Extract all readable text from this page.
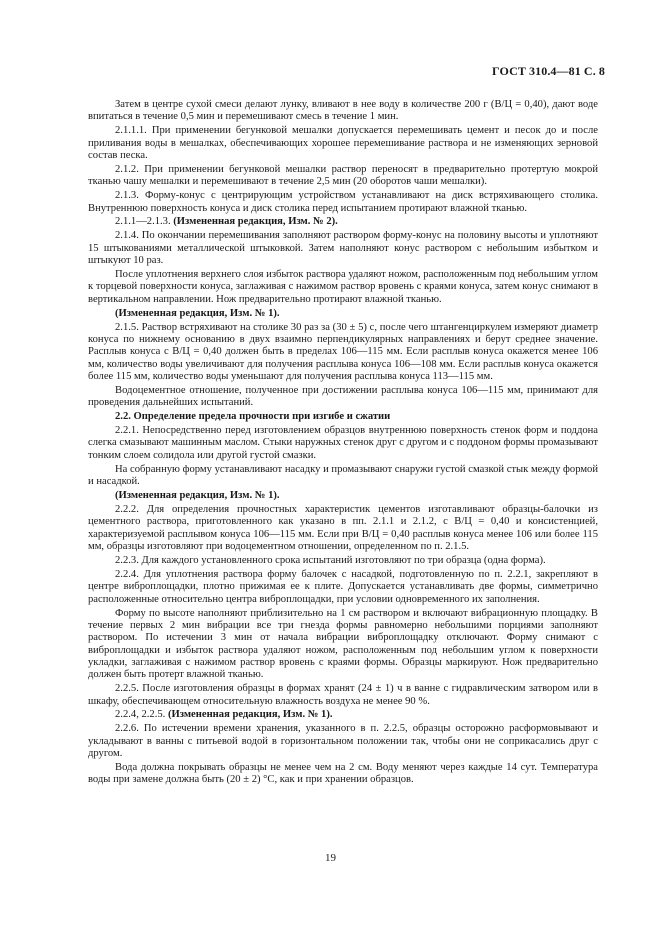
ГОСТ 310.4—81 С. 8

Затем в центре сухой смеси делают лунку, вливают в нее воду в количестве 200 г (В/Ц = 0,40), дают воде впитаться в течение 0,5 мин и перемешивают смесь в течение 1 мин.

2.1.1.1. При применении бегунковой мешалки допускается перемешивать цемент и песок до и после приливания воды в мешалках, обеспечивающих хорошее перемешивание раствора и не изменяющих зерновой состав песка.

2.1.2. При применении бегунковой мешалки раствор переносят в предварительно протертую мокрой тканью чашу мешалки и перемешивают в течение 2,5 мин (20 оборотов чаши мешалки).

2.1.3. Форму-конус с центрирующим устройством устанавливают на диск встряхивающего столика. Внутреннюю поверхность конуса и диск столика перед испытанием протирают влажной тканью.

2.1.1—2.1.3. (Измененная редакция, Изм. № 2).

2.1.4. По окончании перемешивания заполняют раствором форму-конус на половину высоты и уплотняют 15 штыкованиями металлической штыковкой. Затем наполняют конус раствором с небольшим избытком и штыкуют 10 раз.

После уплотнения верхнего слоя избыток раствора удаляют ножом, расположенным под небольшим углом к торцевой поверхности конуса, заглаживая с нажимом раствор вровень с краями конуса, затем конус снимают в вертикальном направлении. Нож предварительно протирают влажной тканью.

(Измененная редакция, Изм. № 1).

2.1.5. Раствор встряхивают на столике 30 раз за (30 ± 5) с, после чего штангенциркулем измеряют диаметр конуса по нижнему основанию в двух взаимно перпендикулярных направлениях и берут среднее значение. Расплыв конуса с В/Ц = 0,40 должен быть в пределах 106—115 мм. Если расплыв конуса окажется менее 106 мм, количество воды увеличивают для получения расплыва конуса 106—108 мм. Если расплыв конуса окажется более 115 мм, количество воды уменьшают для получения расплыва конуса 113—115 мм.

Водоцементное отношение, полученное при достижении расплыва конуса 106—115 мм, принимают для проведения дальнейших испытаний.

2.2. Определение предела прочности при изгибе и сжатии

2.2.1. Непосредственно перед изготовлением образцов внутреннюю поверхность стенок форм и поддона слегка смазывают машинным маслом. Стыки наружных стенок друг с другом и с поддоном формы промазывают тонким слоем солидола или другой густой смазки.

На собранную форму устанавливают насадку и промазывают снаружи густой смазкой стык между формой и насадкой.

(Измененная редакция, Изм. № 1).

2.2.2. Для определения прочностных характеристик цементов изготавливают образцы-балочки из цементного раствора, приготовленного как указано в пп. 2.1.1 и 2.1.2, с В/Ц = 0,40 и консистенцией, характеризуемой расплывом конуса 106—115 мм. Если при В/Ц = 0,40 расплыв конуса менее 106 или более 115 мм, образцы изготовляют при водоцементном отношении, определенном по п. 2.1.5.

2.2.3. Для каждого установленного срока испытаний изготовляют по три образца (одна форма).

2.2.4. Для уплотнения раствора форму балочек с насадкой, подготовленную по п. 2.2.1, закрепляют в центре виброплощадки, плотно прижимая ее к плите. Допускается устанавливать две формы, симметрично расположенные относительно центра виброплощадки, при условии одновременного их заполнения.

Форму по высоте наполняют приблизительно на 1 см раствором и включают вибрационную площадку. В течение первых 2 мин вибрации все три гнезда формы равномерно небольшими порциями заполняют раствором. По истечении 3 мин от начала вибрации виброплощадку отключают. Форму снимают с виброплощадки и избыток раствора удаляют ножом, расположенным под небольшим углом к поверхности укладки, заглаживая с нажимом раствор вровень с краями формы. Образцы маркируют. Нож предварительно должен быть протерт влажной тканью.

2.2.5. После изготовления образцы в формах хранят (24 ± 1) ч в ванне с гидравлическим затвором или в шкафу, обеспечивающем относительную влажность воздуха не менее 90 %.

2.2.4, 2.2.5. (Измененная редакция, Изм. № 1).

2.2.6. По истечении времени хранения, указанного в п. 2.2.5, образцы осторожно расформовывают и укладывают в ванны с питьевой водой в горизонтальном положении так, чтобы они не соприкасались друг с другом.

Вода должна покрывать образцы не менее чем на 2 см. Воду меняют через каждые 14 сут. Температура воды при замене должна быть (20 ± 2) °С, как и при хранении образцов.

19
